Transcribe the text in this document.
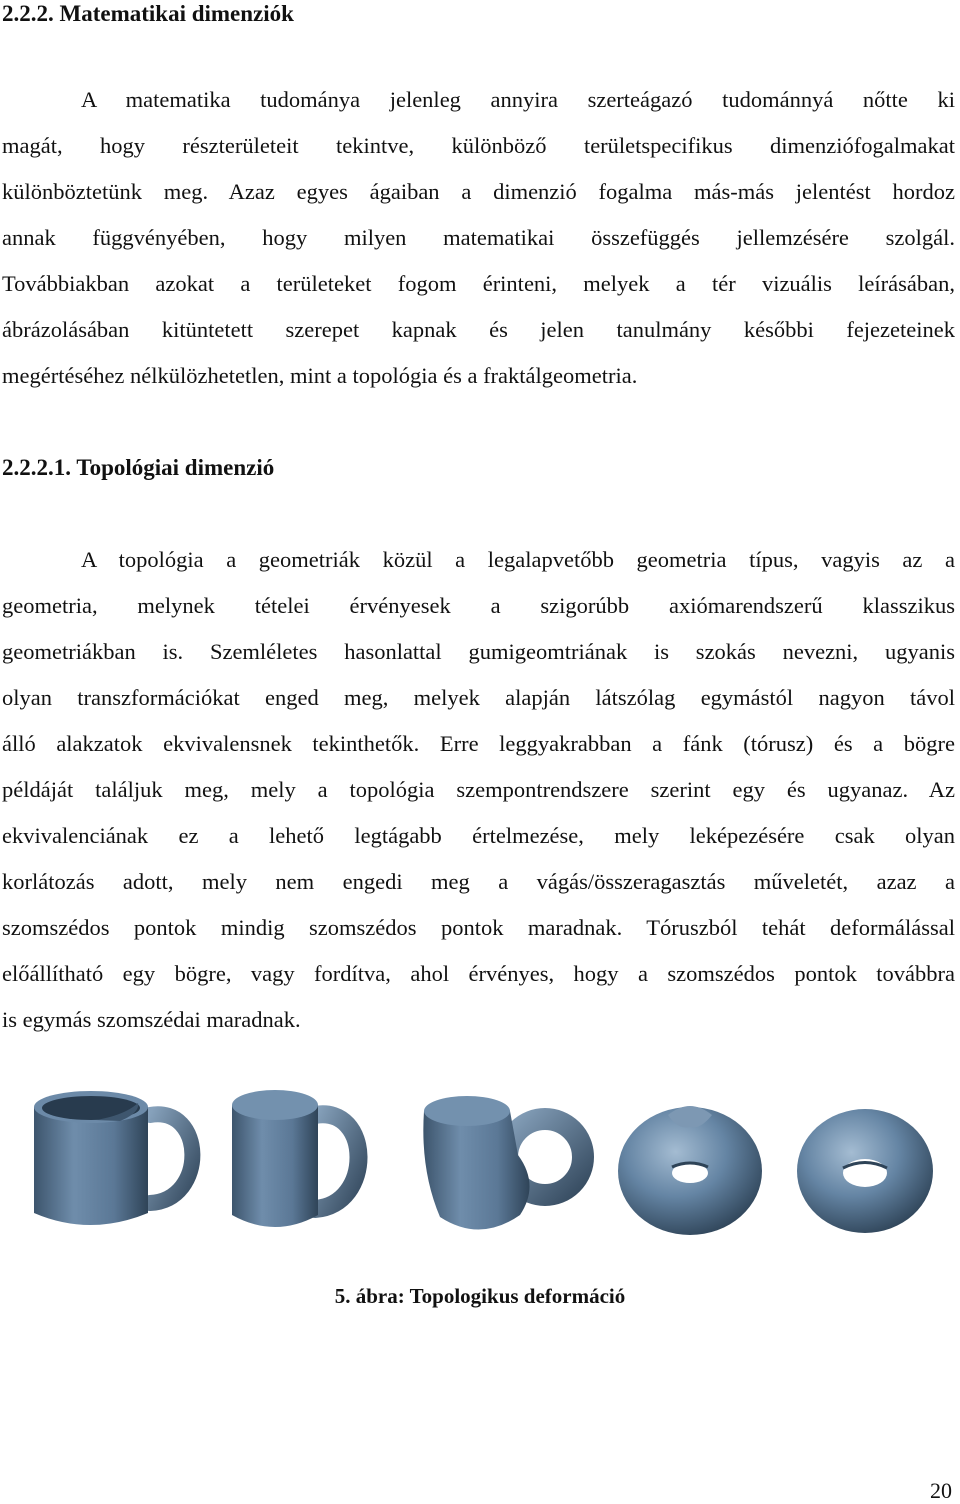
2.2.2. Matematikai dimenziók
A matematika tudománya jelenleg annyira szerteágazó tudománnyá nőtte ki
magát, hogy részterületeit tekintve, különböző területspecifikus dimenziófogalmakat
különböztetünk meg. Azaz egyes ágaiban a dimenzió fogalma más-más jelentést hordoz
annak függvényében, hogy milyen matematikai összefüggés jellemzésére szolgál.
Továbbiakban azokat a területeket fogom érinteni, melyek a tér vizuális leírásában,
ábrázolásában kitüntetett szerepet kapnak és jelen tanulmány későbbi fejezeteinek
megértéséhez nélkülözhetetlen, mint a topológia és a fraktálgeometria.
2.2.2.1. Topológiai dimenzió
A topológia a geometriák közül a legalapvetőbb geometria típus, vagyis az a
geometria, melynek tételei érvényesek a szigorúbb axiómarendszerű klasszikus
geometriákban is. Szemléletes hasonlattal gumigeomtriának is szokás nevezni, ugyanis
olyan transzformációkat enged meg, melyek alapján látszólag egymástól nagyon távol
álló alakzatok ekvivalensnek tekinthetők. Erre leggyakrabban a fánk (tórusz) és a bögre
példáját találjuk meg, mely a topológia szempontrendszere szerint egy és ugyanaz. Az
ekvivalenciának ez a lehető legtágabb értelmezése, mely leképezésére csak olyan
korlátozás adott, mely nem engedi meg a vágás/összeragasztás műveletét, azaz a
szomszédos pontok mindig szomszédos pontok maradnak. Tóruszból tehát deformálással
előállítható egy bögre, vagy fordítva, ahol érvényes, hogy a szomszédos pontok továbbra
is egymás szomszédai maradnak.
5. ábra: Topologikus deformáció
20
